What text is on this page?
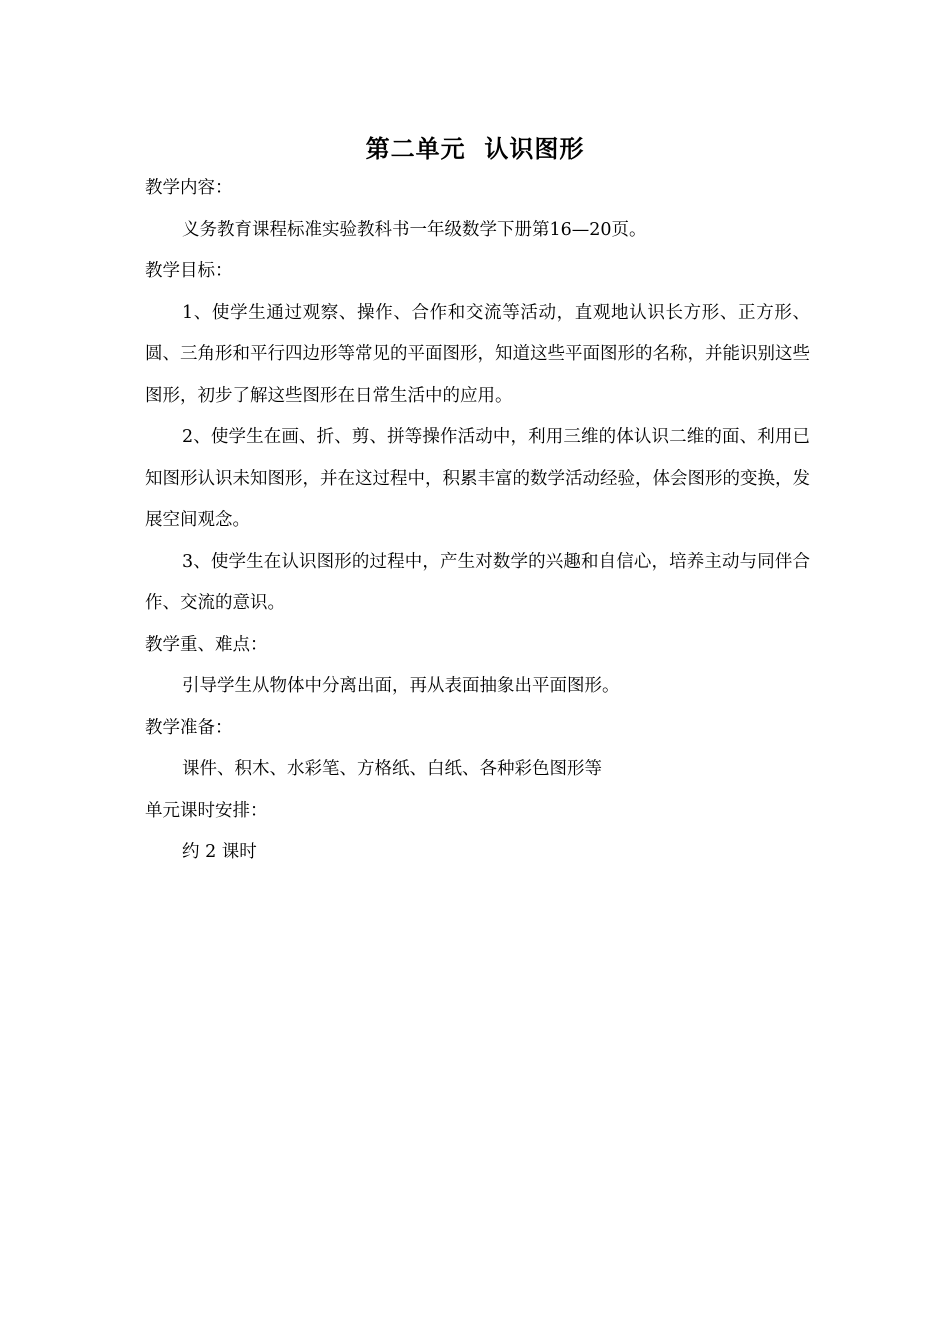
第二单元  认识图形

教学内容：

义务教育课程标准实验教科书一年级数学下册第16—20页。

教学目标：

1、使学生通过观察、操作、合作和交流等活动，直观地认识长方形、正方形、圆、三角形和平行四边形等常见的平面图形，知道这些平面图形的名称，并能识别这些图形，初步了解这些图形在日常生活中的应用。

2、使学生在画、折、剪、拼等操作活动中，利用三维的体认识二维的面、利用已知图形认识未知图形，并在这过程中，积累丰富的数学活动经验，体会图形的变换，发展空间观念。

3、使学生在认识图形的过程中，产生对数学的兴趣和自信心，培养主动与同伴合作、交流的意识。

教学重、难点：

引导学生从物体中分离出面，再从表面抽象出平面图形。

教学准备：

课件、积木、水彩笔、方格纸、白纸、各种彩色图形等

单元课时安排：

约 2 课时
